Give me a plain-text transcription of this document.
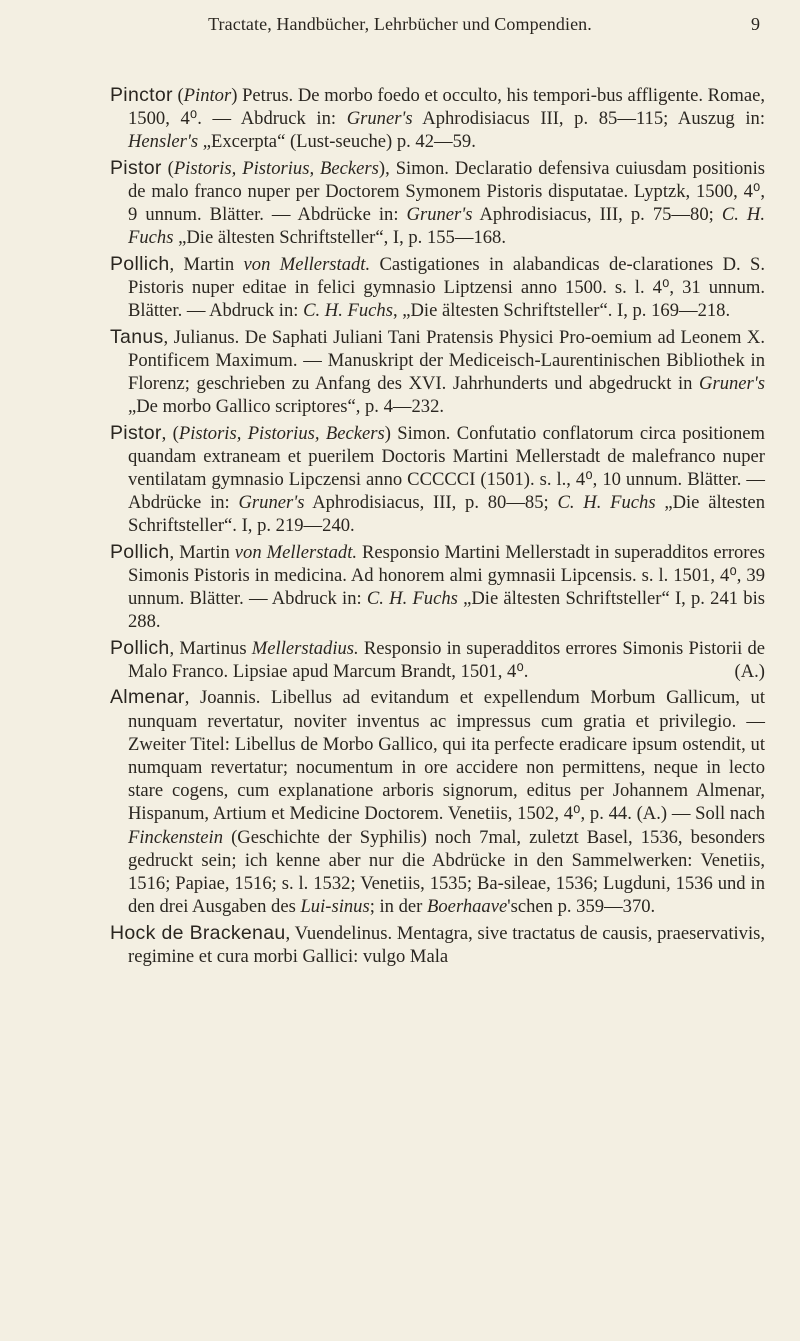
Tractate, Handbücher, Lehrbücher und Compendien.	9

Pinctor (Pintor) Petrus. De morbo foedo et occulto, his tempori-bus affligente. Romae, 1500, 4⁰. — Abdruck in: Gruner's Aphrodisiacus III, p. 85—115; Auszug in: Hensler's „Excerpta“ (Lust-seuche) p. 42—59.

Pistor (Pistoris, Pistorius, Beckers), Simon. Declaratio defensiva cuiusdam positionis de malo franco nuper per Doctorem Symonem Pistoris disputatae. Lyptzk, 1500, 4⁰, 9 unnum. Blätter. — Abdrücke in: Gruner's Aphrodisiacus, III, p. 75—80; C. H. Fuchs „Die ältesten Schriftsteller“, I, p. 155—168.

Pollich, Martin von Mellerstadt. Castigationes in alabandicas de-clarationes D. S. Pistoris nuper editae in felici gymnasio Liptzensi anno 1500. s. l. 4⁰, 31 unnum. Blätter. — Abdruck in: C. H. Fuchs, „Die ältesten Schriftsteller“. I, p. 169—218.

Tanus, Julianus. De Saphati Juliani Tani Pratensis Physici Pro-oemium ad Leonem X. Pontificem Maximum. — Manuskript der Mediceisch-Laurentinischen Bibliothek in Florenz; geschrieben zu Anfang des XVI. Jahrhunderts und abgedruckt in Gruner's „De morbo Gallico scriptores“, p. 4—232.

Pistor, (Pistoris, Pistorius, Beckers) Simon. Confutatio conflatorum circa positionem quandam extraneam et puerilem Doctoris Martini Mellerstadt de malefranco nuper ventilatam gymnasio Lipczensi anno CCCCCI (1501). s. l., 4⁰, 10 unnum. Blätter. — Abdrücke in: Gruner's Aphrodisiacus, III, p. 80—85; C. H. Fuchs „Die ältesten Schriftsteller“. I, p. 219—240.

Pollich, Martin von Mellerstadt. Responsio Martini Mellerstadt in superadditos errores Simonis Pistoris in medicina. Ad honorem almi gymnasii Lipcensis. s. l. 1501, 4⁰, 39 unnum. Blätter. — Abdruck in: C. H. Fuchs „Die ältesten Schriftsteller“ I, p. 241 bis 288.

Pollich, Martinus Mellerstadius. Responsio in superadditos errores Simonis Pistorii de Malo Franco. Lipsiae apud Marcum Brandt, 1501, 4⁰.	(A.)

Almenar, Joannis. Libellus ad evitandum et expellendum Morbum Gallicum, ut nunquam revertatur, noviter inventus ac impressus cum gratia et privilegio. — Zweiter Titel: Libellus de Morbo Gallico, qui ita perfecte eradicare ipsum ostendit, ut numquam revertatur; nocumentum in ore accidere non permittens, neque in lecto stare cogens, cum explanatione arboris signorum, editus per Johannem Almenar, Hispanum, Artium et Medicine Doctorem. Venetiis, 1502, 4⁰, p. 44. (A.) — Soll nach Finckenstein (Geschichte der Syphilis) noch 7mal, zuletzt Basel, 1536, besonders gedruckt sein; ich kenne aber nur die Abdrücke in den Sammelwerken: Venetiis, 1516; Papiae, 1516; s. l. 1532; Venetiis, 1535; Ba-sileae, 1536; Lugduni, 1536 und in den drei Ausgaben des Lui-sinus; in der Boerhaave'schen p. 359—370.

Hock de Brackenau, Vuendelinus. Mentagra, sive tractatus de causis, praeservativis, regimine et cura morbi Gallici: vulgo Mala
